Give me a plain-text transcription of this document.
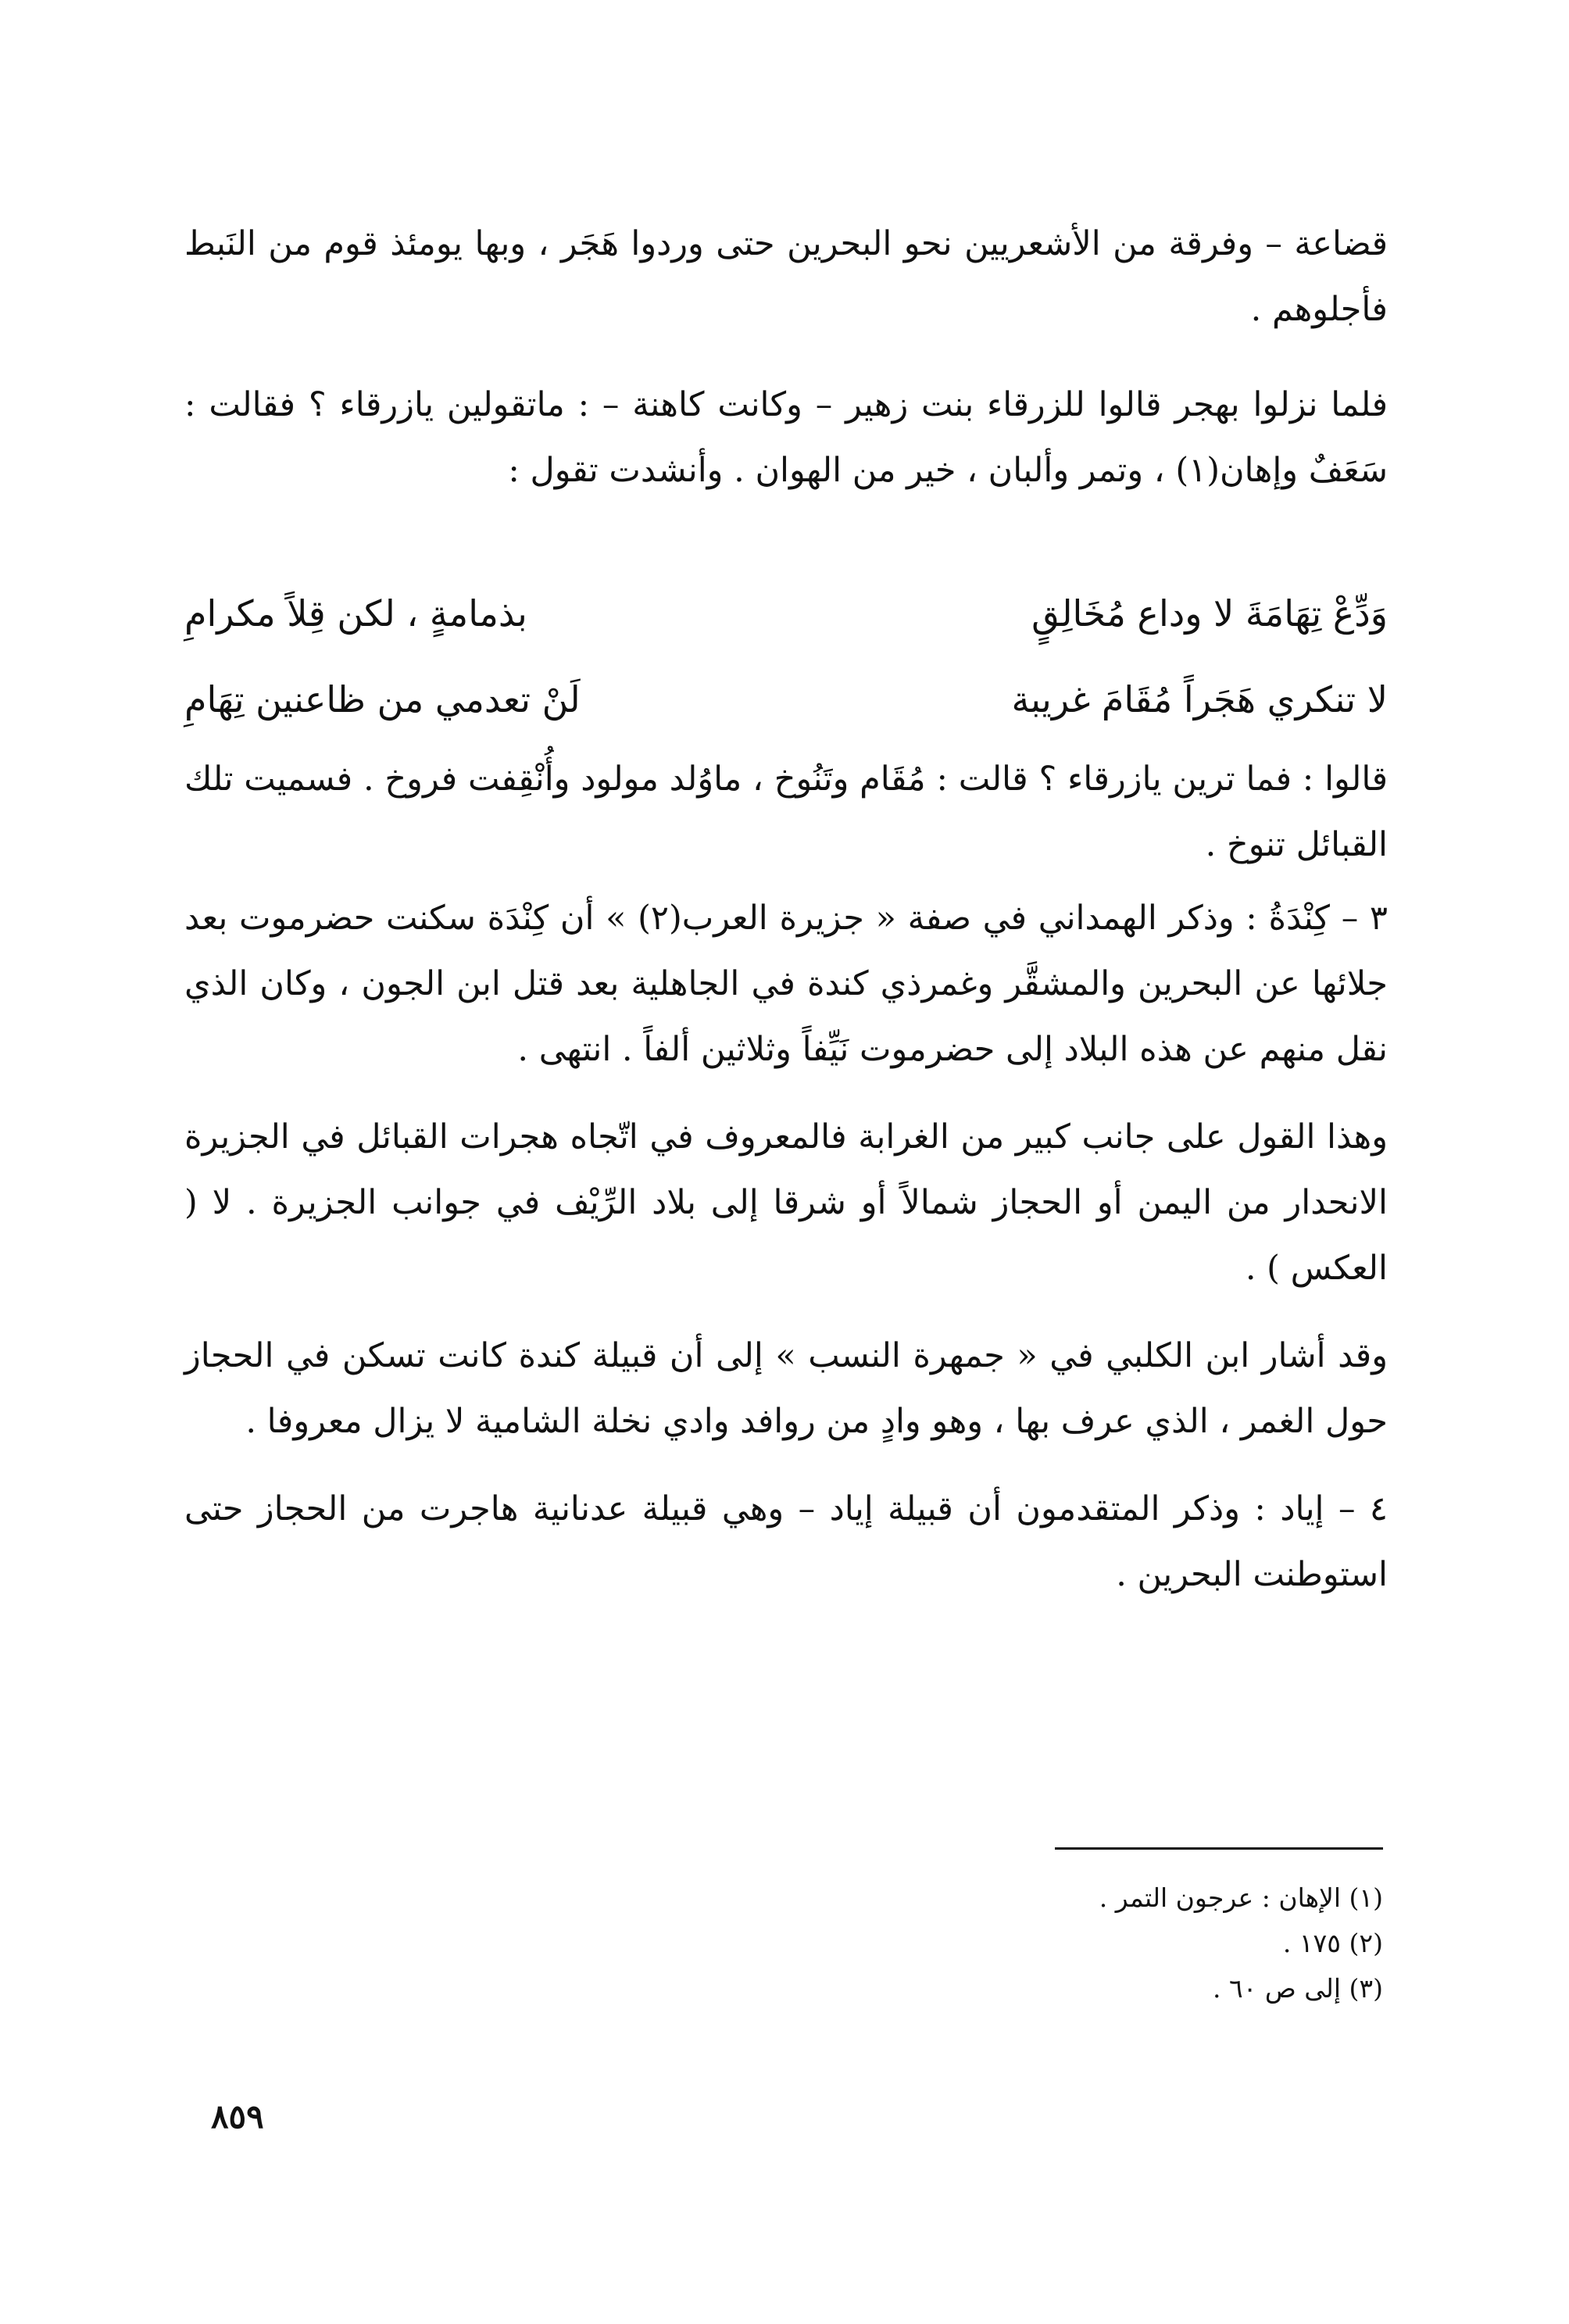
قضاعة – وفرقة من الأشعريين نحو البحرين حتى وردوا هَجَر ، وبها يومئذ قوم من النَبط فأجلوهم .

فلما نزلوا بهجر قالوا للزرقاء بنت زهير – وكانت كاهنة – : ماتقولين يازرقاء ؟ فقالت : سَعَفٌ وإهان(١) ، وتمر وألبان ، خير من الهوان . وأنشدت تقول :

وَدِّعْ تِهَامَةَ لا وداع مُخَالِقٍ
بذمامةٍ ، لكن قِلاً مكرامِ
لا تنكري هَجَراً مُقَامَ غريبة
لَنْ تعدمي من ظاعنين تِهَامِ

قالوا : فما ترين يازرقاء ؟ قالت : مُقَام وتَنُوخ ، ماوُلد مولود وأُنْقِفت فروخ . فسميت تلك القبائل تنوخ .

٣ – كِنْدَةُ : وذكر الهمداني في صفة « جزيرة العرب(٢) » أن كِنْدَة سكنت حضرموت بعد جلائها عن البحرين والمشقَّر وغمرذي كندة في الجاهلية بعد قتل ابن الجون ، وكان الذي نقل منهم عن هذه البلاد إلى حضرموت نَيِّفاً وثلاثين ألفاً . انتهى .

وهذا القول على جانب كبير من الغرابة فالمعروف في اتّجاه هجرات القبائل في الجزيرة الانحدار من اليمن أو الحجاز شمالاً أو شرقا إلى بلاد الرِّيْف في جوانب الجزيرة . لا ( العكس ) .

وقد أشار ابن الكلبي في « جمهرة النسب » إلى أن قبيلة كندة كانت تسكن في الحجاز حول الغمر ، الذي عرف بها ، وهو وادٍ من روافد وادي نخلة الشامية لا يزال معروفا .

٤ – إياد : وذكر المتقدمون أن قبيلة إياد – وهي قبيلة عدنانية هاجرت من الحجاز حتى استوطنت البحرين .

(١) الإهان : عرجون التمر .

(٢) ١٧٥ .

(٣) إلى ص ٦٠ .

٨٥٩
